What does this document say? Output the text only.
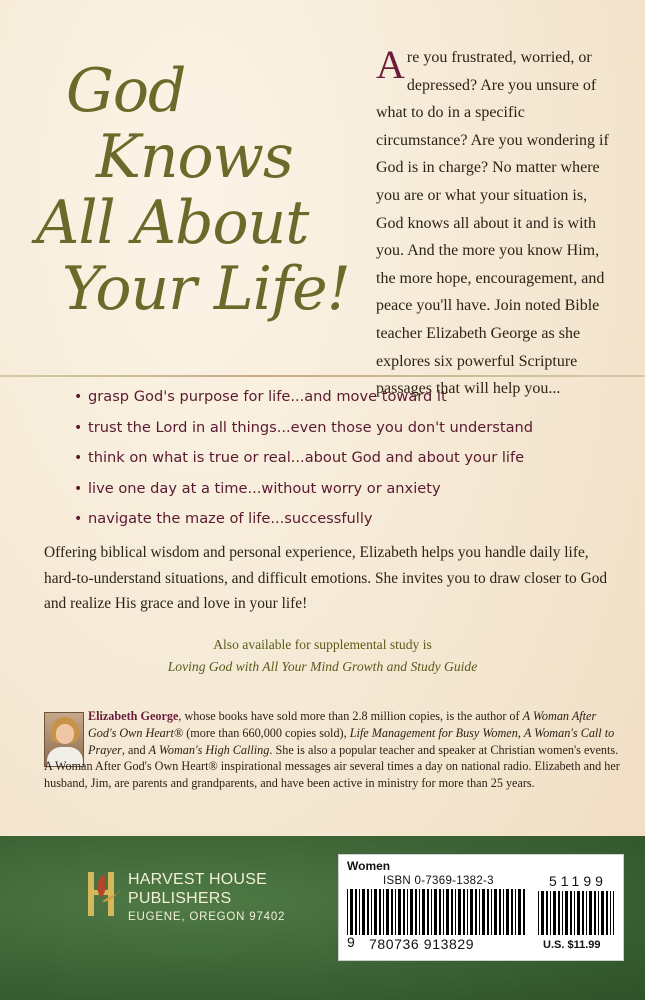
God
Knows
All About
Your Life!
Are you frustrated, worried, or depressed? Are you unsure of what to do in a specific circumstance? Are you wondering if God is in charge? No matter where you are or what your situation is, God knows all about it and is with you. And the more you know Him, the more hope, encouragement, and peace you'll have. Join noted Bible teacher Elizabeth George as she explores six powerful Scripture passages that will help you...
• grasp God's purpose for life...and move toward it
• trust the Lord in all things...even those you don't understand
• think on what is true or real...about God and about your life
• live one day at a time...without worry or anxiety
• navigate the maze of life...successfully

Offering biblical wisdom and personal experience, Elizabeth helps you handle daily life, hard-to-understand situations, and difficult emotions. She invites you to draw closer to God and realize His grace and love in your life!

Also available for supplemental study is
Loving God with All Your Mind Growth and Study Guide

Elizabeth George, whose books have sold more than 2.8 million copies, is the author of A Woman After God's Own Heart® (more than 660,000 copies sold), Life Management for Busy Women, A Woman's Call to Prayer, and A Woman's High Calling. She is also a popular teacher and speaker at Christian women's events.

A Woman After God's Own Heart® inspirational messages air several times a day on national radio. Elizabeth and her husband, Jim, are parents and grandparents, and have been active in ministry for more than 25 years.

HARVEST HOUSE
PUBLISHERS
EUGENE, OREGON 97402
Women
ISBN 0-7369-1382-3	51199
9 780736 913829	U.S. $11.99
